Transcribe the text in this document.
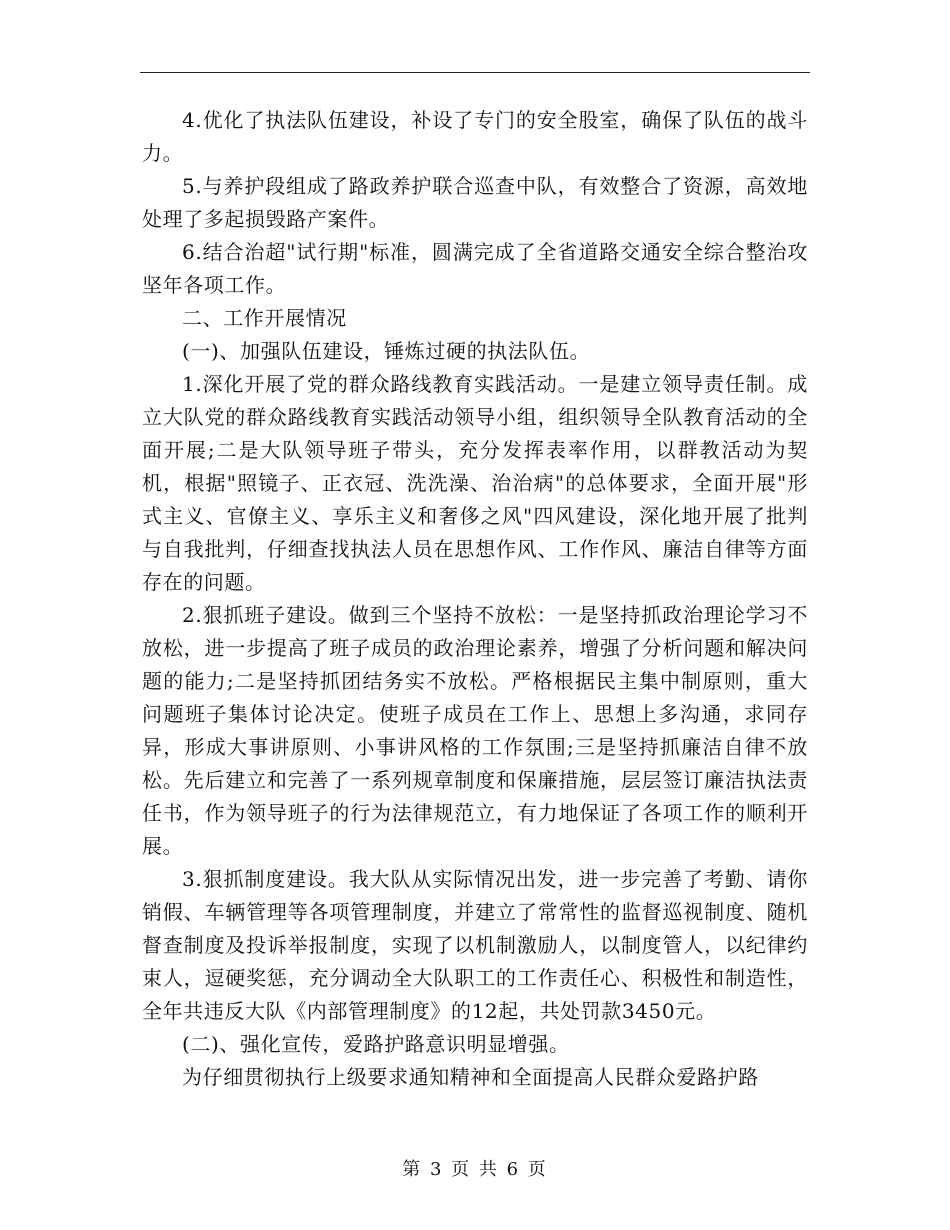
4.优化了执法队伍建设，补设了专门的安全股室，确保了队伍的战斗力。

5.与养护段组成了路政养护联合巡查中队，有效整合了资源，高效地处理了多起损毁路产案件。

6.结合治超"试行期"标准，圆满完成了全省道路交通安全综合整治攻坚年各项工作。

二、工作开展情况

(一)、加强队伍建设，锤炼过硬的执法队伍。

1.深化开展了党的群众路线教育实践活动。一是建立领导责任制。成立大队党的群众路线教育实践活动领导小组，组织领导全队教育活动的全面开展;二是大队领导班子带头，充分发挥表率作用，以群教活动为契机，根据"照镜子、正衣冠、洗洗澡、治治病"的总体要求，全面开展"形式主义、官僚主义、享乐主义和奢侈之风"四风建设，深化地开展了批判与自我批判，仔细查找执法人员在思想作风、工作作风、廉洁自律等方面存在的问题。

2.狠抓班子建设。做到三个坚持不放松：一是坚持抓政治理论学习不放松，进一步提高了班子成员的政治理论素养，增强了分析问题和解决问题的能力;二是坚持抓团结务实不放松。严格根据民主集中制原则，重大问题班子集体讨论决定。使班子成员在工作上、思想上多沟通，求同存异，形成大事讲原则、小事讲风格的工作氛围;三是坚持抓廉洁自律不放松。先后建立和完善了一系列规章制度和保廉措施，层层签订廉洁执法责任书，作为领导班子的行为法律规范立，有力地保证了各项工作的顺利开展。

3.狠抓制度建设。我大队从实际情况出发，进一步完善了考勤、请你销假、车辆管理等各项管理制度，并建立了常常性的监督巡视制度、随机督查制度及投诉举报制度，实现了以机制激励人，以制度管人，以纪律约束人，逗硬奖惩，充分调动全大队职工的工作责任心、积极性和制造性，全年共违反大队《内部管理制度》的12起，共处罚款3450元。

(二)、强化宣传，爱路护路意识明显增强。

为仔细贯彻执行上级要求通知精神和全面提高人民群众爱路护路

第 3 页 共 6 页
